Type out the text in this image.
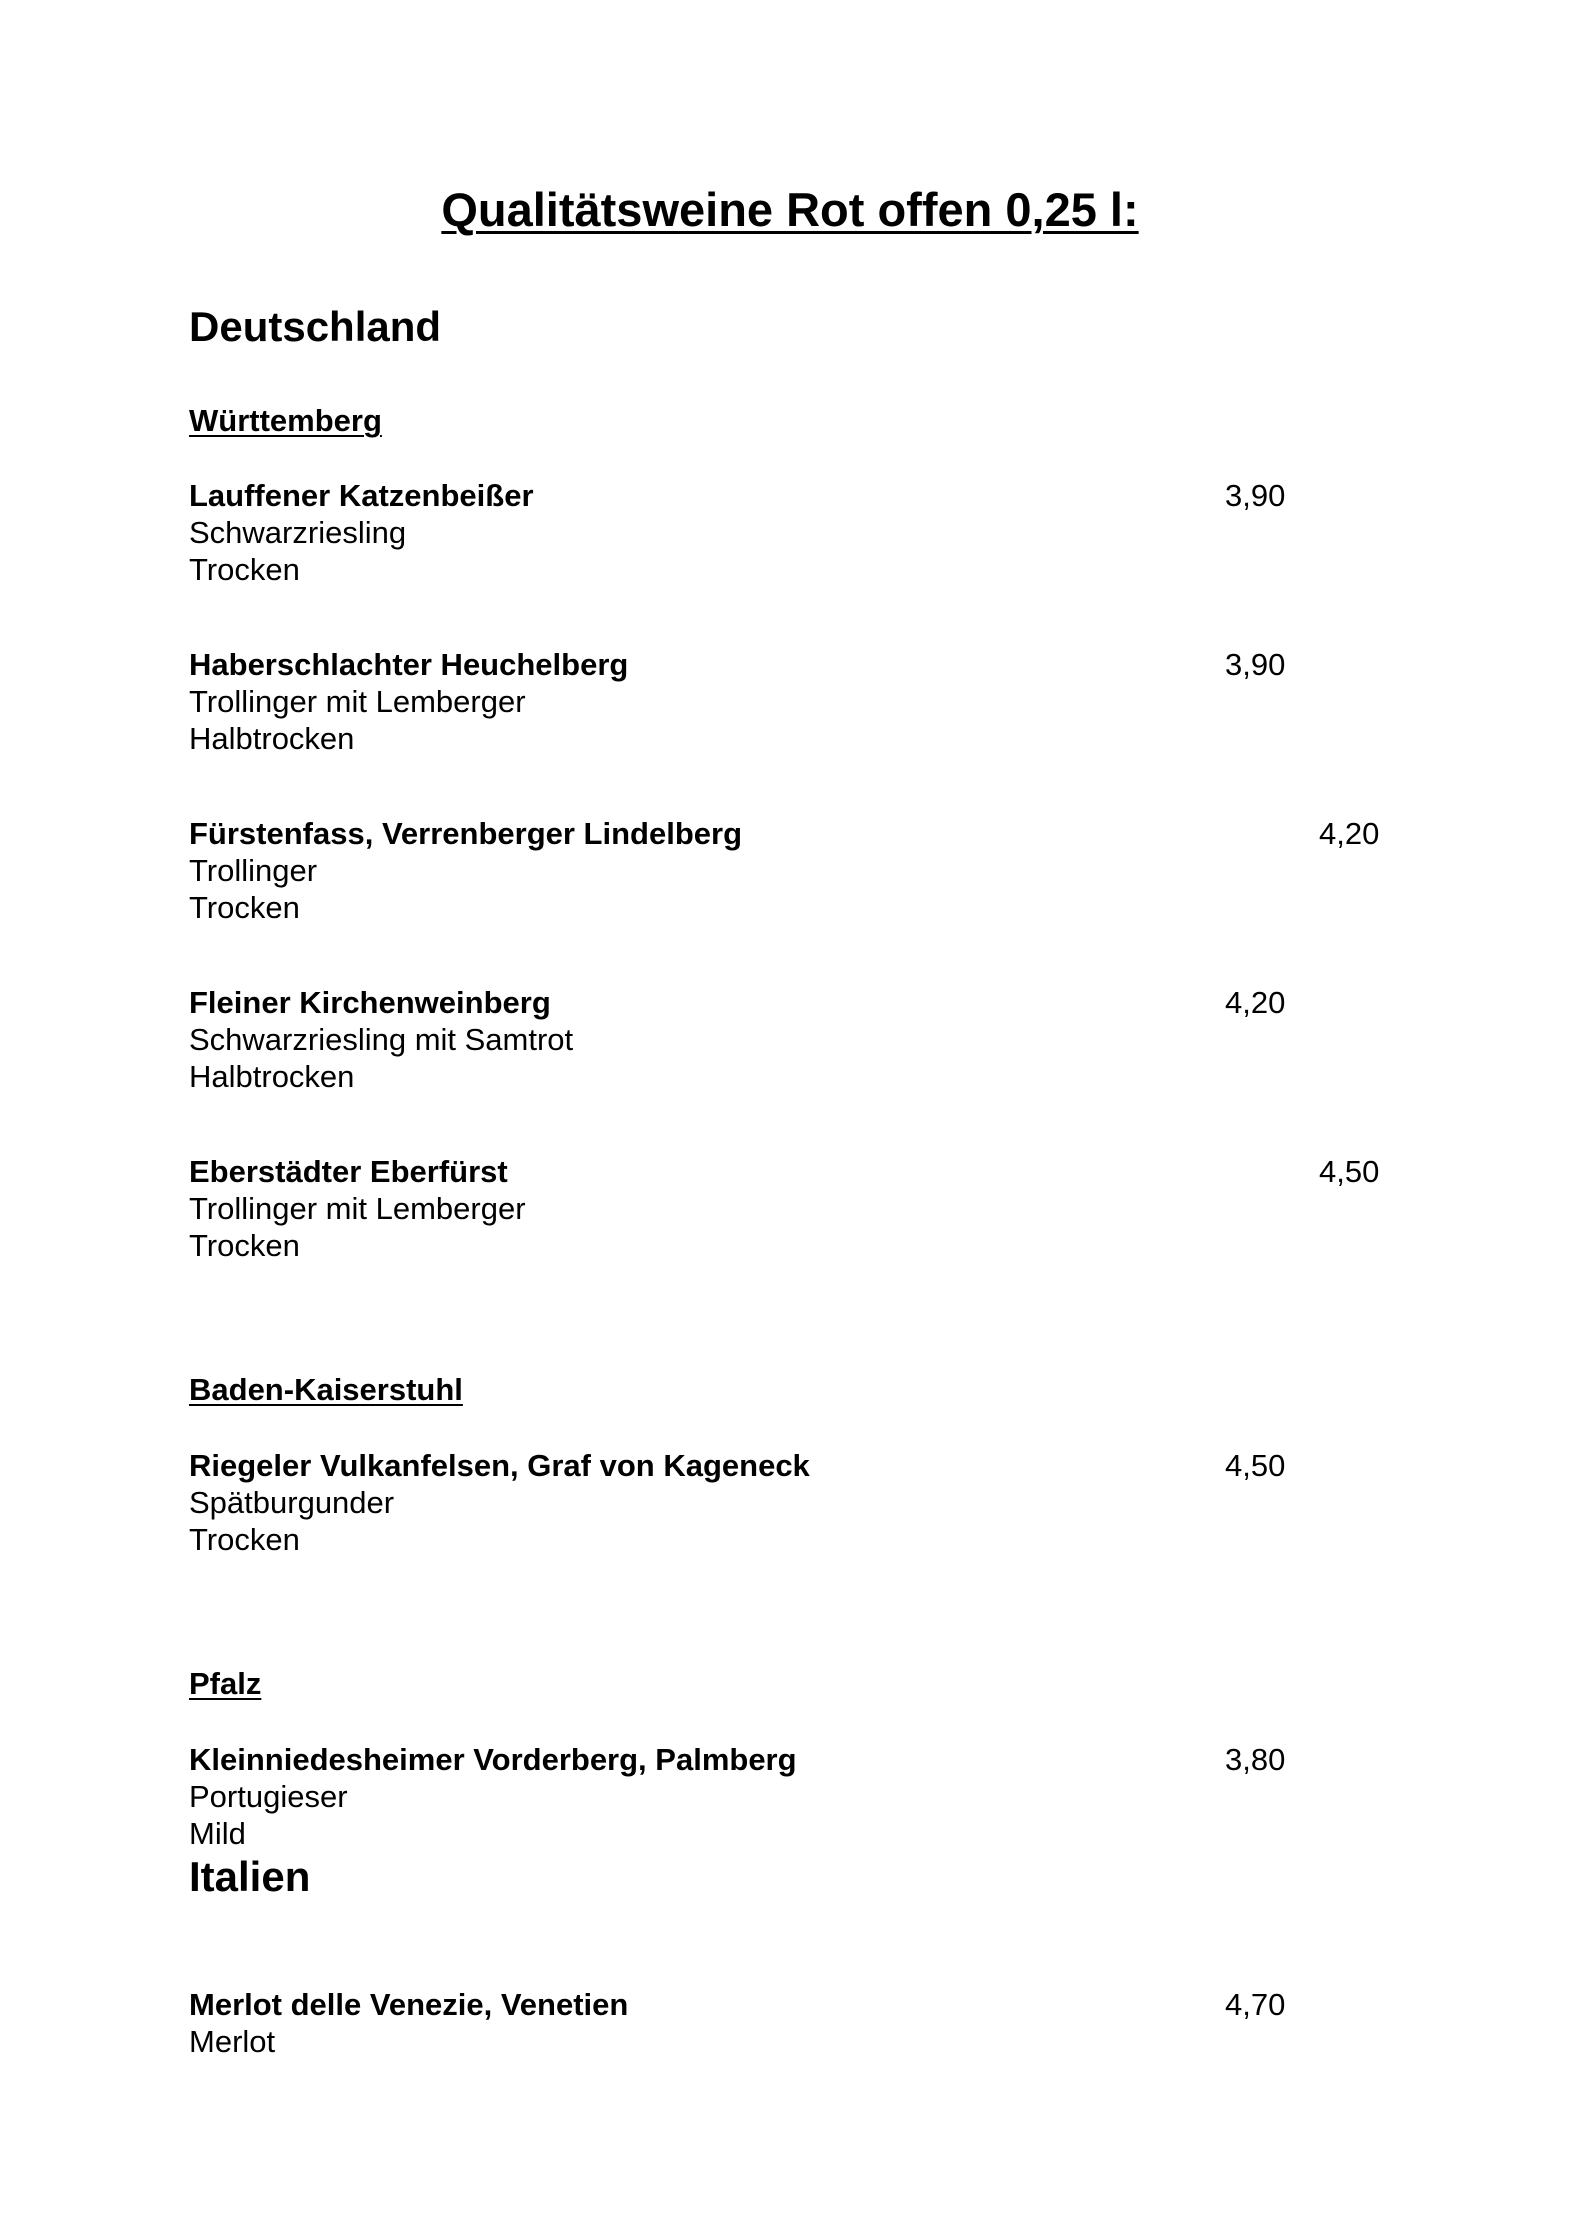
Qualitätsweine Rot offen 0,25 l:
Deutschland
Württemberg
Lauffener Katzenbeißer
Schwarzriesling
Trocken
3,90
Haberschlachter Heuchelberg
Trollinger mit Lemberger
Halbtrocken
3,90
Fürstenfass, Verrenberger Lindelberg
Trollinger
Trocken
4,20
Fleiner Kirchenweinberg
Schwarzriesling mit Samtrot
Halbtrocken
4,20
Eberstädter Eberfürst
Trollinger mit Lemberger
Trocken
4,50
Baden-Kaiserstuhl
Riegeler Vulkanfelsen, Graf von Kageneck
Spätburgunder
Trocken
4,50
Pfalz
Kleinniedesheimer Vorderberg, Palmberg
Portugieser
Mild
3,80
Italien
Merlot delle Venezie, Venetien
Merlot
4,70
